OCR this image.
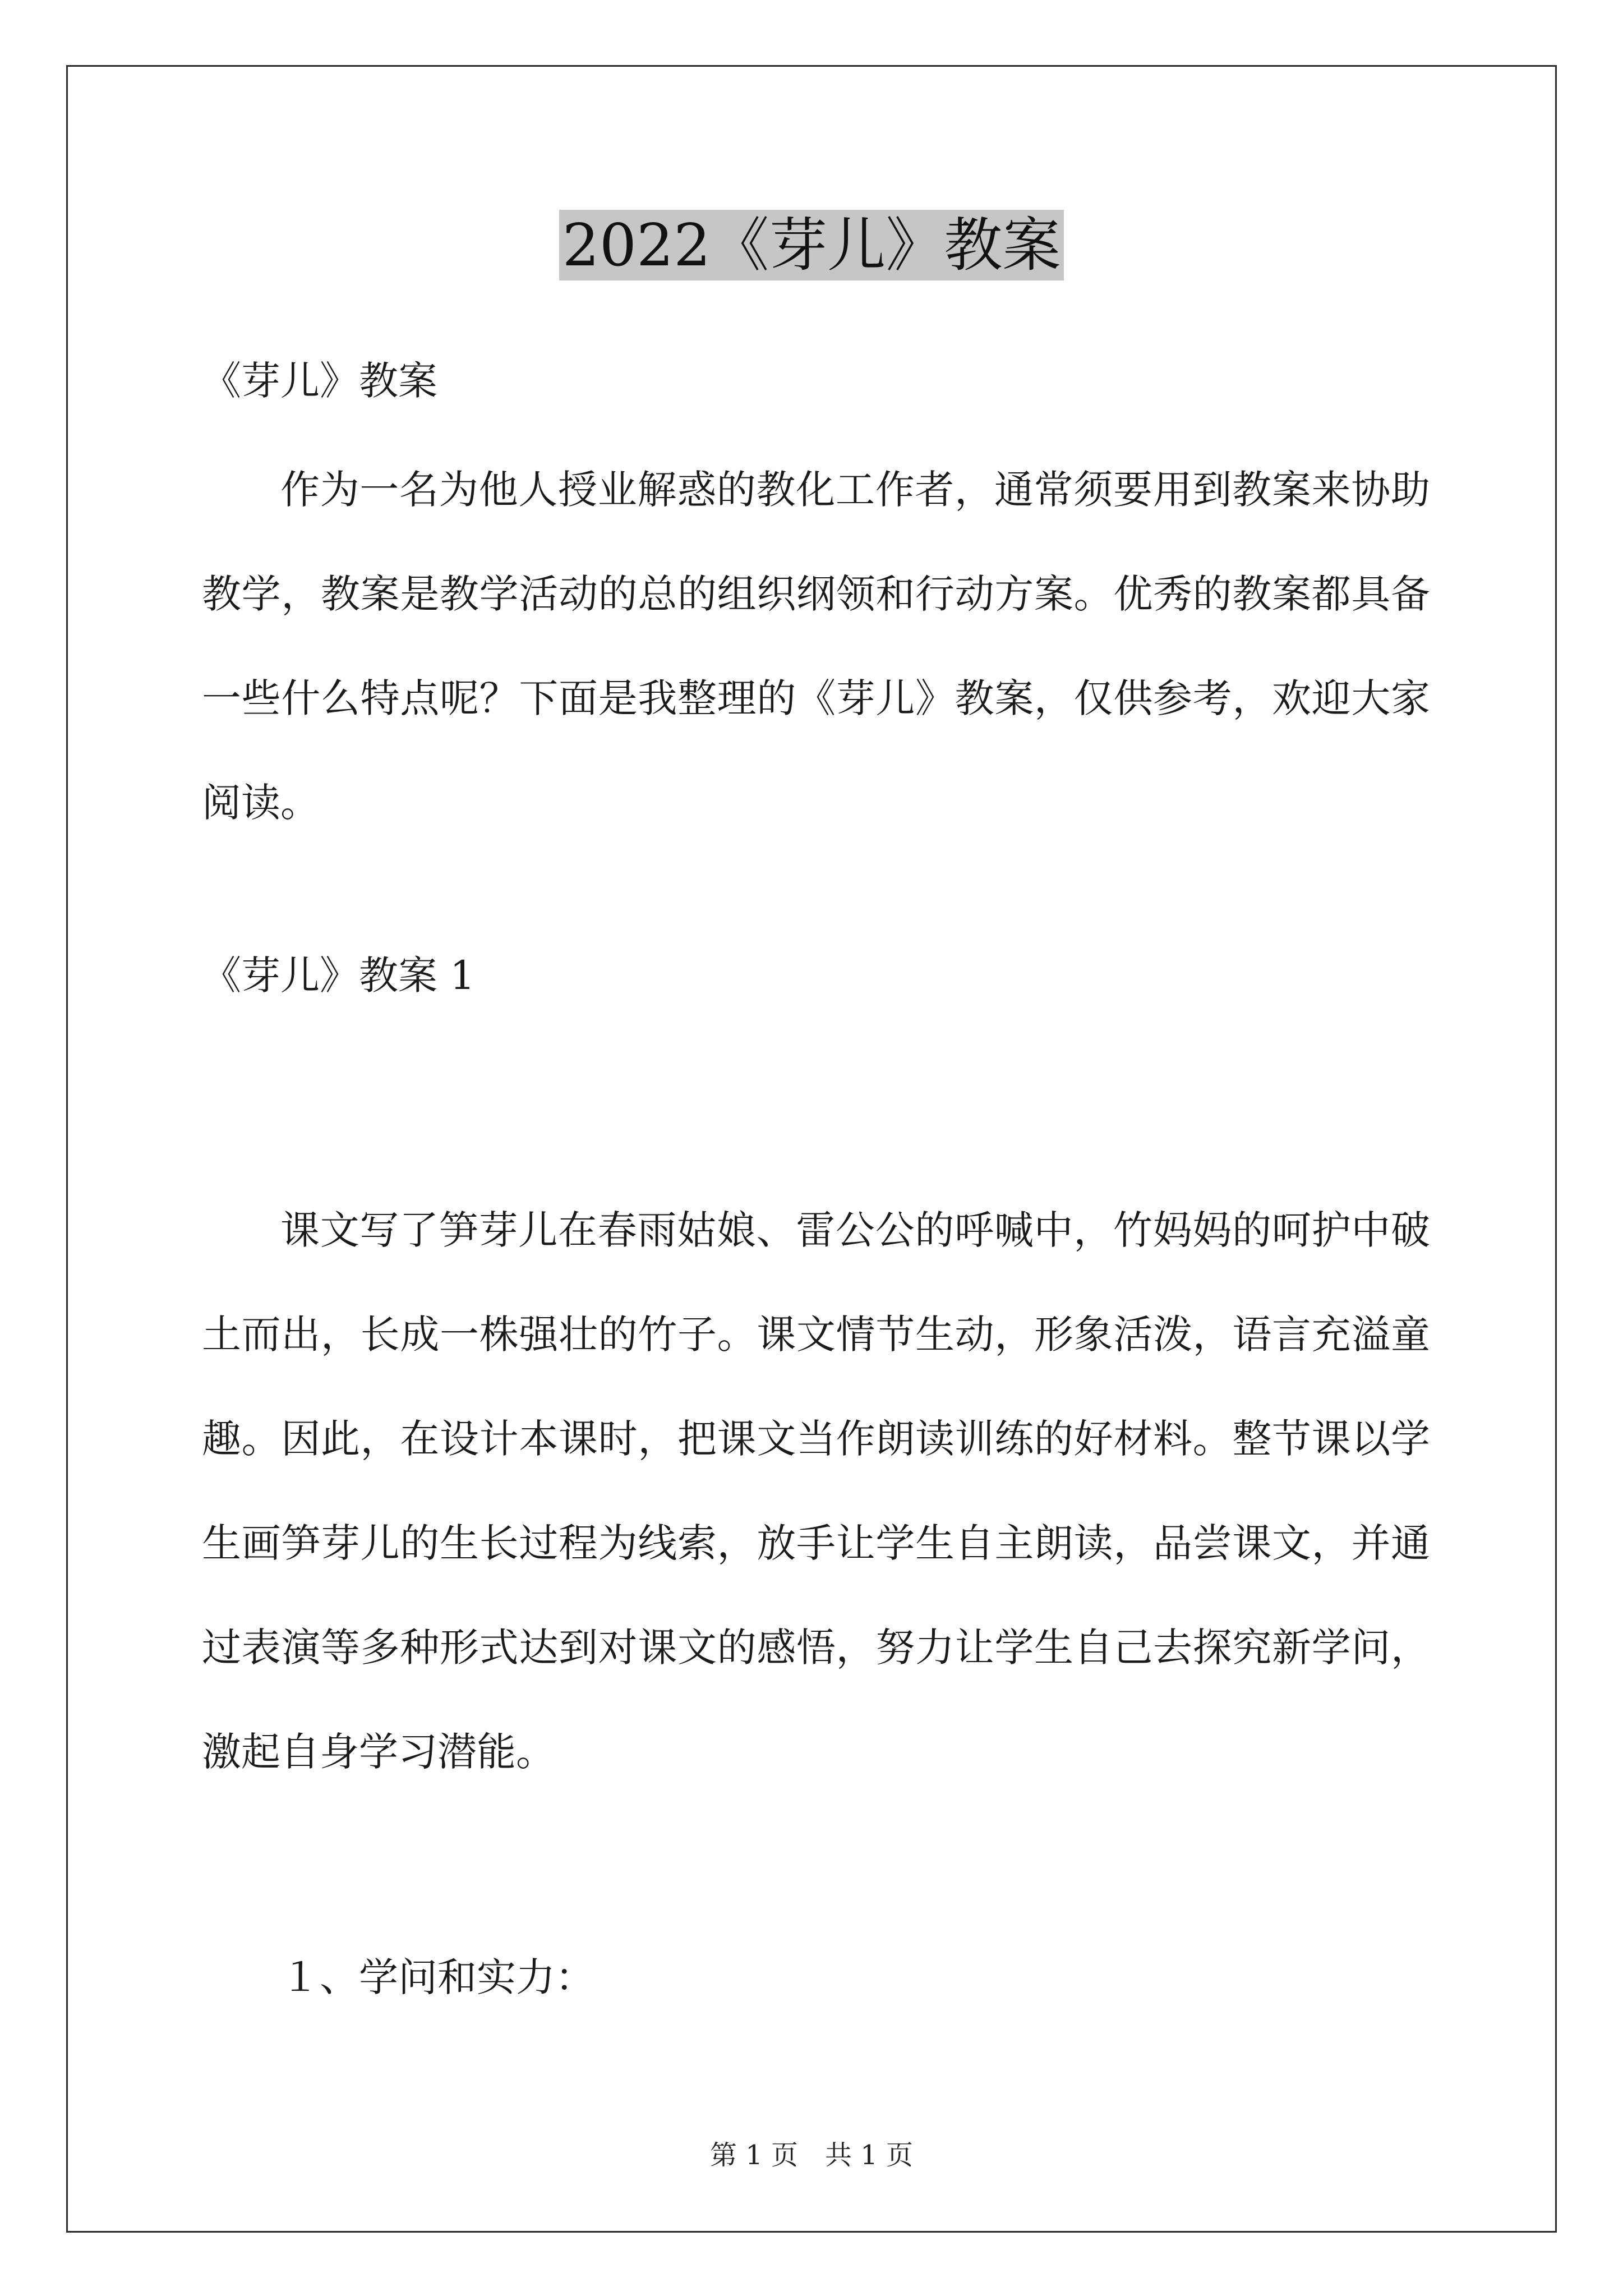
2022《芽儿》教案

《芽儿》教案

作为一名为他人授业解惑的教化工作者，通常须要用到教案来协助教学，教案是教学活动的总的组织纲领和行动方案。优秀的教案都具备一些什么特点呢？下面是我整理的《芽儿》教案，仅供参考，欢迎大家阅读。

《芽儿》教案 1

课文写了笋芽儿在春雨姑娘、雷公公的呼喊中，竹妈妈的呵护中破土而出，长成一株强壮的竹子。课文情节生动，形象活泼，语言充溢童趣。因此，在设计本课时，把课文当作朗读训练的好材料。整节课以学生画笋芽儿的生长过程为线索，放手让学生自主朗读，品尝课文，并通过表演等多种形式达到对课文的感悟，努力让学生自己去探究新学问，激起自身学习潜能。

１、学问和实力：

第 1 页　共 1 页
